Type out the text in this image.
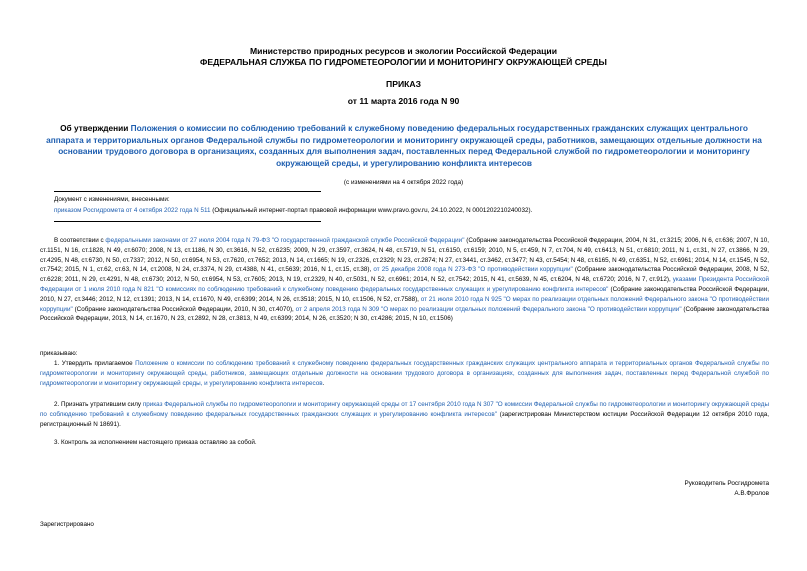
Министерство природных ресурсов и экологии Российской Федерации
ФЕДЕРАЛЬНАЯ СЛУЖБА ПО ГИДРОМЕТЕОРОЛОГИИ И МОНИТОРИНГУ ОКРУЖАЮЩЕЙ СРЕДЫ
ПРИКАЗ
от 11 марта 2016 года N 90
Об утверждении Положения о комиссии по соблюдению требований к служебному поведению федеральных государственных гражданских служащих центрального аппарата и территориальных органов Федеральной службы по гидрометеорологии и мониторингу окружающей среды, работников, замещающих отдельные должности на основании трудового договора в организациях, созданных для выполнения задач, поставленных перед Федеральной службой по гидрометеорологии и мониторингу окружающей среды, и урегулированию конфликта интересов
(с изменениями на 4 октября 2022 года)
Документ с изменениями, внесенными:
приказом Росгидромета от 4 октября 2022 года N 511 (Официальный интернет-портал правовой информации www.pravo.gov.ru, 24.10.2022, N 0001202210240032).
В соответствии с федеральными законами от 27 июля 2004 года N 79-ФЗ "О государственной гражданской службе Российской Федерации" (Собрание законодательства Российской Федерации, 2004, N 31, ст.3215; 2006, N 6, ст.636; 2007, N 10, ст.1151, N 16, ст.1828, N 49, ст.6070; 2008, N 13, ст.1186, N 30, ст.3616, N 52, ст.6235; 2009, N 29, ст.3597, ст.3624, N 48, ст.5719, N 51, ст.6150, ст.6159; 2010, N 5, ст.459, N 7, ст.704, N 49, ст.6413, N 51, ст.6810; 2011, N 1, ст.31, N 27, ст.3866, N 29, ст.4295, N 48, ст.6730, N 50, ст.7337; 2012, N 50, ст.6954, N 53, ст.7620, ст.7652; 2013, N 14, ст.1665; N 19, ст.2326, ст.2329; N 23, ст.2874; N 27, ст.3441, ст.3462, ст.3477; N 43, ст.5454; N 48, ст.6165, N 49, ст.6351, N 52, ст.6961; 2014, N 14, ст.1545, N 52, ст.7542; 2015, N 1, ст.62, ст.63, N 14, ст.2008, N 24, ст.3374, N 29, ст.4388, N 41, ст.5639; 2016, N 1, ст.15, ст.38), от 25 декабря 2008 года N 273-ФЗ "О противодействии коррупции" (Собрание законодательства Российской Федерации, 2008, N 52, ст.6228; 2011, N 29, ст.4291, N 48, ст.6730; 2012, N 50, ст.6954, N 53, ст.7605; 2013, N 19, ст.2329, N 40, ст.5031, N 52, ст.6961; 2014, N 52, ст.7542; 2015, N 41, ст.5639, N 45, ст.6204, N 48, ст.6720; 2016, N 7, ст.912), указами Президента Российской Федерации от 1 июля 2010 года N 821 "О комиссиях по соблюдению требований к служебному поведению федеральных государственных служащих и урегулированию конфликта интересов" (Собрание законодательства Российской Федерации, 2010, N 27, ст.3446; 2012, N 12, ст.1391; 2013, N 14, ст.1670, N 49, ст.6399; 2014, N 26, ст.3518; 2015, N 10, ст.1506, N 52, ст.7588), от 21 июля 2010 года N 925 "О мерах по реализации отдельных положений Федерального закона "О противодействии коррупции" (Собрание законодательства Российской Федерации, 2010, N 30, ст.4070), от 2 апреля 2013 года N 309 "О мерах по реализации отдельных положений Федерального закона "О противодействии коррупции" (Собрание законодательства Российской Федерации, 2013, N 14, ст.1670, N 23, ст.2892, N 28, ст.3813, N 49, ст.6399; 2014, N 26, ст.3520; N 30, ст.4286; 2015, N 10, ст.1506)
приказываю:
1. Утвердить прилагаемое Положение о комиссии по соблюдению требований к служебному поведению федеральных государственных гражданских служащих центрального аппарата и территориальных органов Федеральной службы по гидрометеорологии и мониторингу окружающей среды, работников, замещающих отдельные должности на основании трудового договора в организациях, созданных для выполнения задач, поставленных перед Федеральной службой по гидрометеорологии и мониторингу окружающей среды, и урегулированию конфликта интересов.
2. Признать утратившим силу приказ Федеральной службы по гидрометеорологии и мониторингу окружающей среды от 17 сентября 2010 года N 307 "О комиссии Федеральной службы по гидрометеорологии и мониторингу окружающей среды по соблюдению требований к служебному поведению федеральных государственных гражданских служащих и урегулированию конфликта интересов" (зарегистрирован Министерством юстиции Российской Федерации 12 октября 2010 года, регистрационный N 18691).
3. Контроль за исполнением настоящего приказа оставляю за собой.
Руководитель Росгидромета
А.В.Фролов
Зарегистрировано
